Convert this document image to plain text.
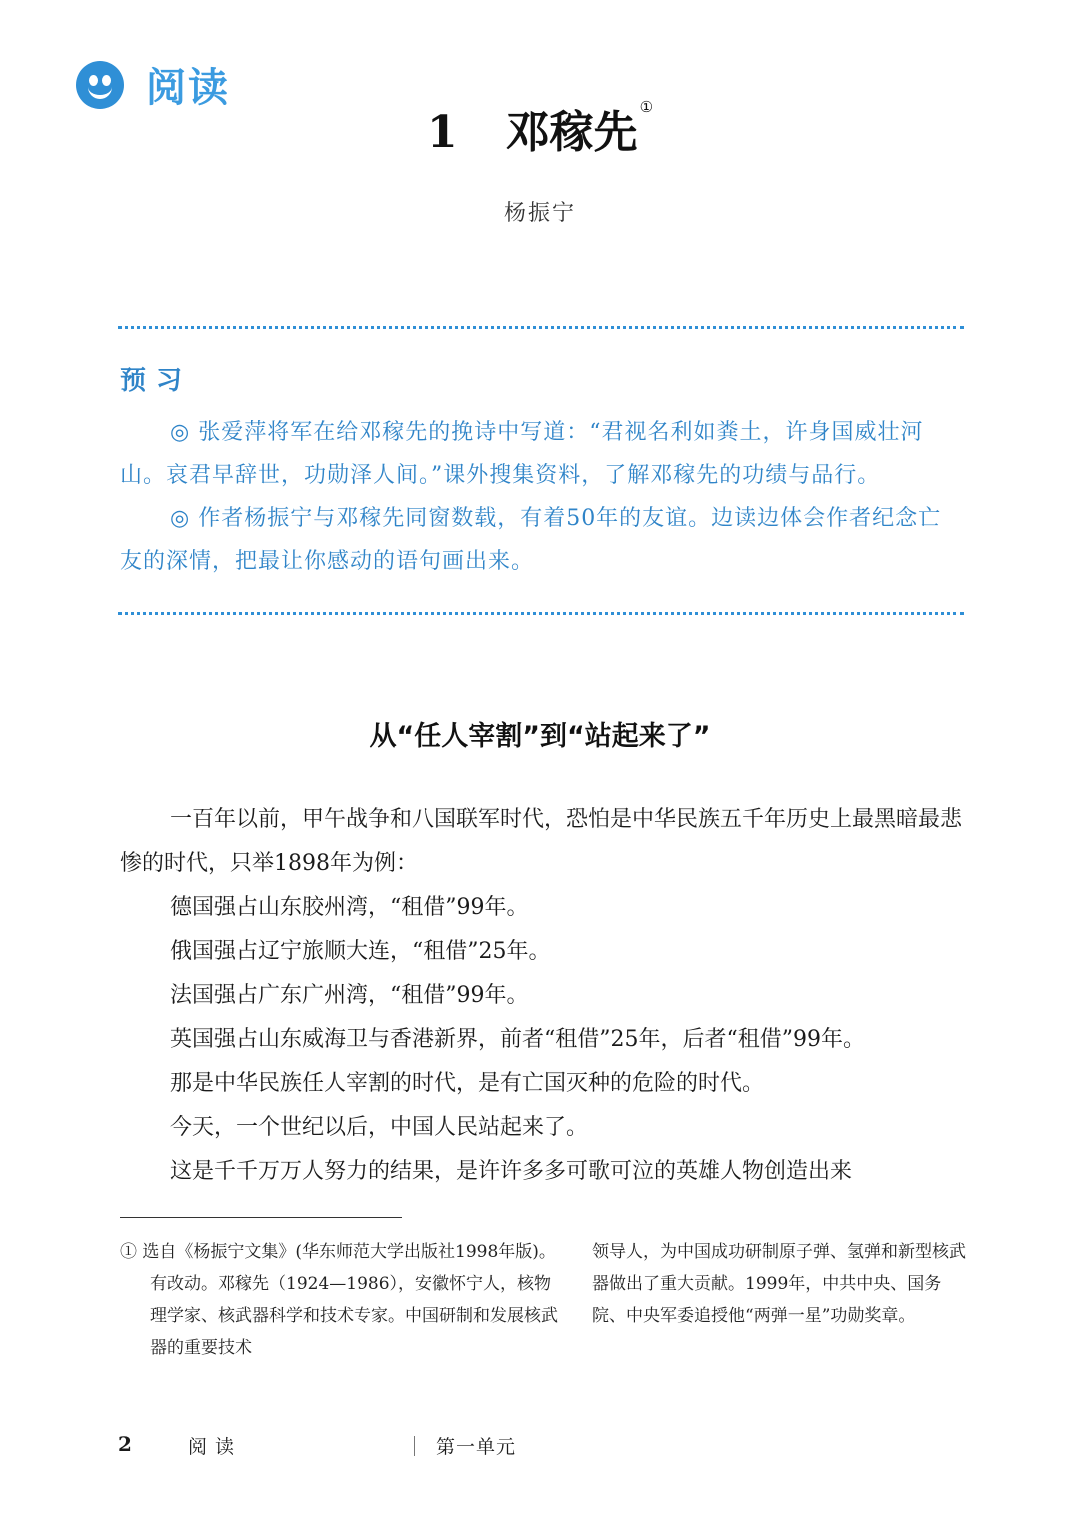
阅读
1 邓稼先 ①
杨振宁
预习

◎ 张爱萍将军在给邓稼先的挽诗中写道：“君视名利如粪土，许身国威壮河山。哀君早辞世，功勋泽人间。”课外搜集资料，了解邓稼先的功绩与品行。

◎ 作者杨振宁与邓稼先同窗数载，有着50年的友谊。边读边体会作者纪念亡友的深情，把最让你感动的语句画出来。

从“任人宰割”到“站起来了”

一百年以前，甲午战争和八国联军时代，恐怕是中华民族五千年历史上最黑暗最悲惨的时代，只举1898年为例：

德国强占山东胶州湾，“租借”99年。

俄国强占辽宁旅顺大连，“租借”25年。

法国强占广东广州湾，“租借”99年。

英国强占山东威海卫与香港新界，前者“租借”25年，后者“租借”99年。

那是中华民族任人宰割的时代，是有亡国灭种的危险的时代。

今天，一个世纪以后，中国人民站起来了。

这是千千万万人努力的结果，是许许多多可歌可泣的英雄人物创造出来

① 选自《杨振宁文集》(华东师范大学出版社1998年版)。有改动。邓稼先（1924—1986），安徽怀宁人，核物理学家、核武器科学和技术专家。中国研制和发展核武器的重要技术
领导人，为中国成功研制原子弹、氢弹和新型核武器做出了重大贡献。1999年，中共中央、国务院、中央军委追授他“两弹一星”功勋奖章。
2	阅读	第一单元
